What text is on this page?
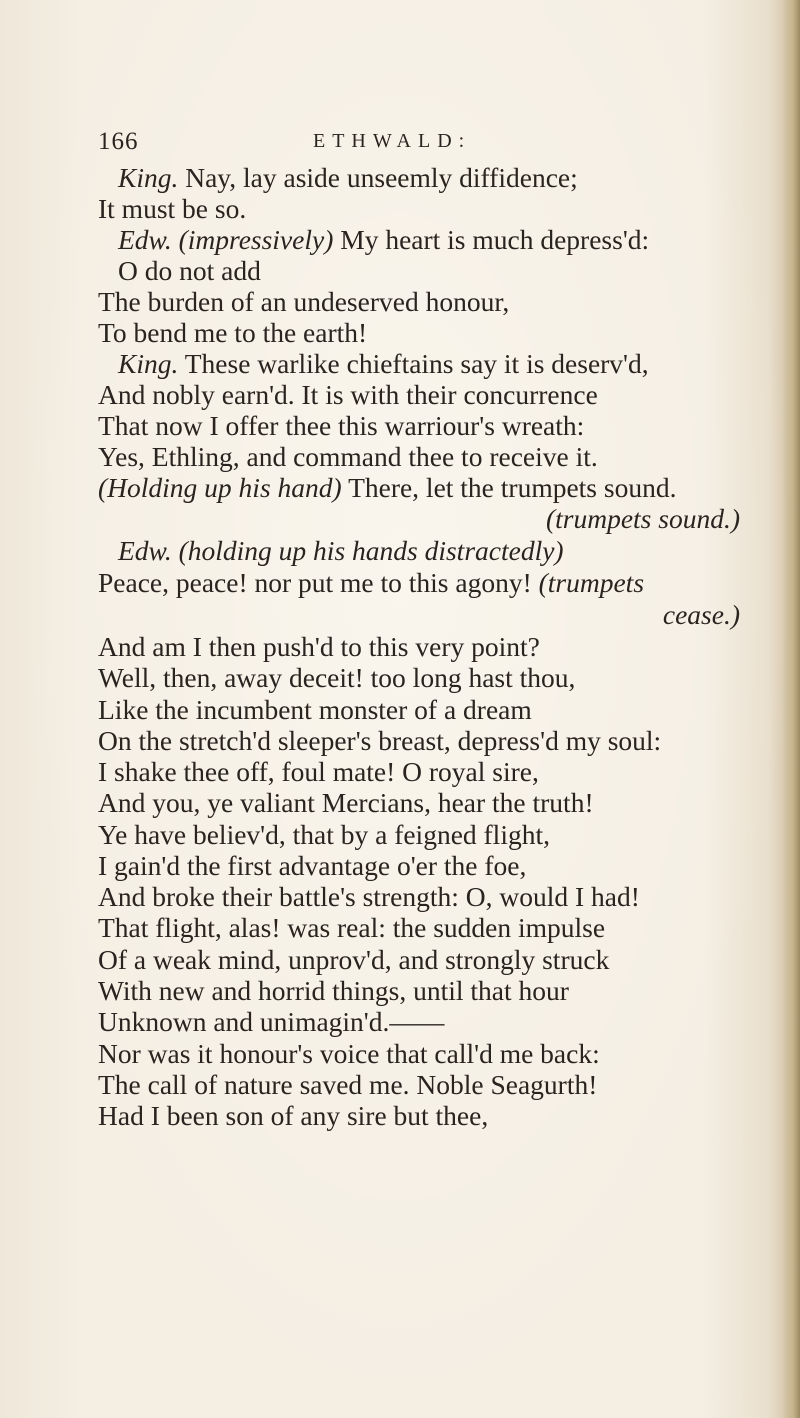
166	ETHWALD:
King. Nay, lay aside unseemly diffidence;
It must be so.
Edw. (impressively) My heart is much depress'd:
O do not add
The burden of an undeserved honour,
To bend me to the earth!
King. These warlike chieftains say it is deserv'd,
And nobly earn'd. It is with their concurrence
That now I offer thee this warriour's wreath:
Yes, Ethling, and command thee to receive it.
(Holding up his hand) There, let the trumpets sound.
(trumpets sound.)
Edw. (holding up his hands distractedly)
Peace, peace! nor put me to this agony! (trumpets
cease.)
And am I then push'd to this very point?
Well, then, away deceit! too long hast thou,
Like the incumbent monster of a dream
On the stretch'd sleeper's breast, depress'd my soul:
I shake thee off, foul mate! O royal sire,
And you, ye valiant Mercians, hear the truth!
Ye have believ'd, that by a feigned flight,
I gain'd the first advantage o'er the foe,
And broke their battle's strength: O, would I had!
That flight, alas! was real: the sudden impulse
Of a weak mind, unprov'd, and strongly struck
With new and horrid things, until that hour
Unknown and unimagin'd.——
Nor was it honour's voice that call'd me back:
The call of nature saved me. Noble Seagurth!
Had I been son of any sire but thee,
